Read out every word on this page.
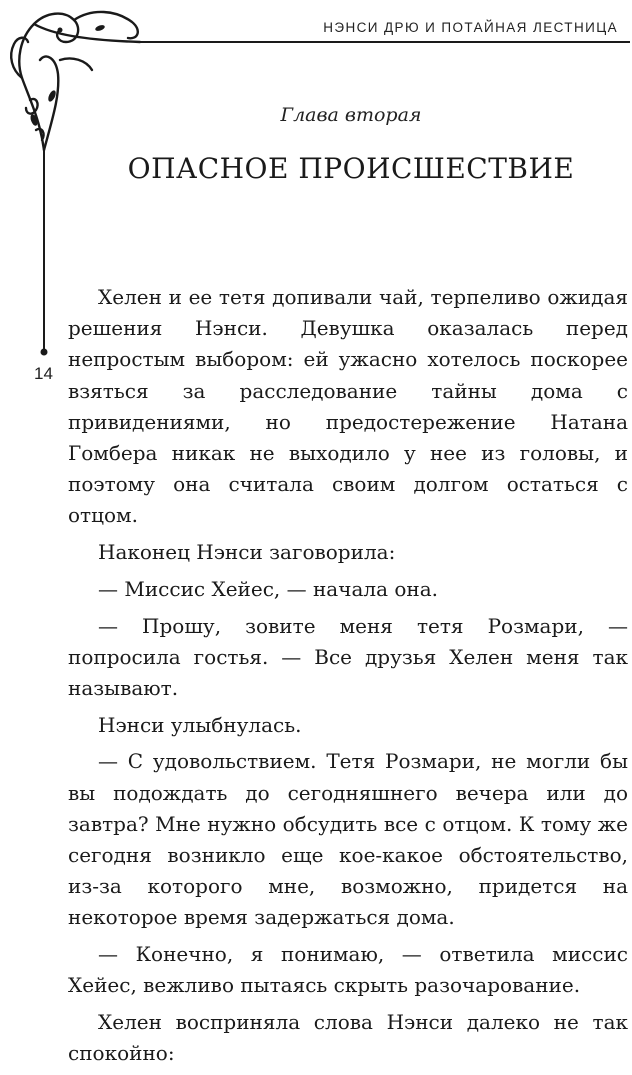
НЭНСИ ДРЮ И ПОТАЙНАЯ ЛЕСТНИЦА
14
Глава вторая
ОПАСНОЕ ПРОИСШЕСТВИЕ

Хелен и ее тетя допивали чай, терпеливо ожидая решения Нэнси. Девушка оказалась перед непростым выбором: ей ужасно хотелось поскорее взяться за расследование тайны дома с привидениями, но предостережение Натана Гомбера никак не выходило у нее из головы, и поэтому она считала своим долгом остаться с отцом.

Наконец Нэнси заговорила:

— Миссис Хейес, — начала она.

— Прошу, зовите меня тетя Розмари, — попросила гостья. — Все друзья Хелен меня так называют.

Нэнси улыбнулась.

— С удовольствием. Тетя Розмари, не могли бы вы подождать до сегодняшнего вечера или до завтра? Мне нужно обсудить все с отцом. К тому же сегодня возникло еще кое-какое обстоятельство, из-за которого мне, возможно, придется на некоторое время задержаться дома.

— Конечно, я понимаю, — ответила миссис Хейес, вежливо пытаясь скрыть разочарование.

Хелен восприняла слова Нэнси далеко не так спокойно:
